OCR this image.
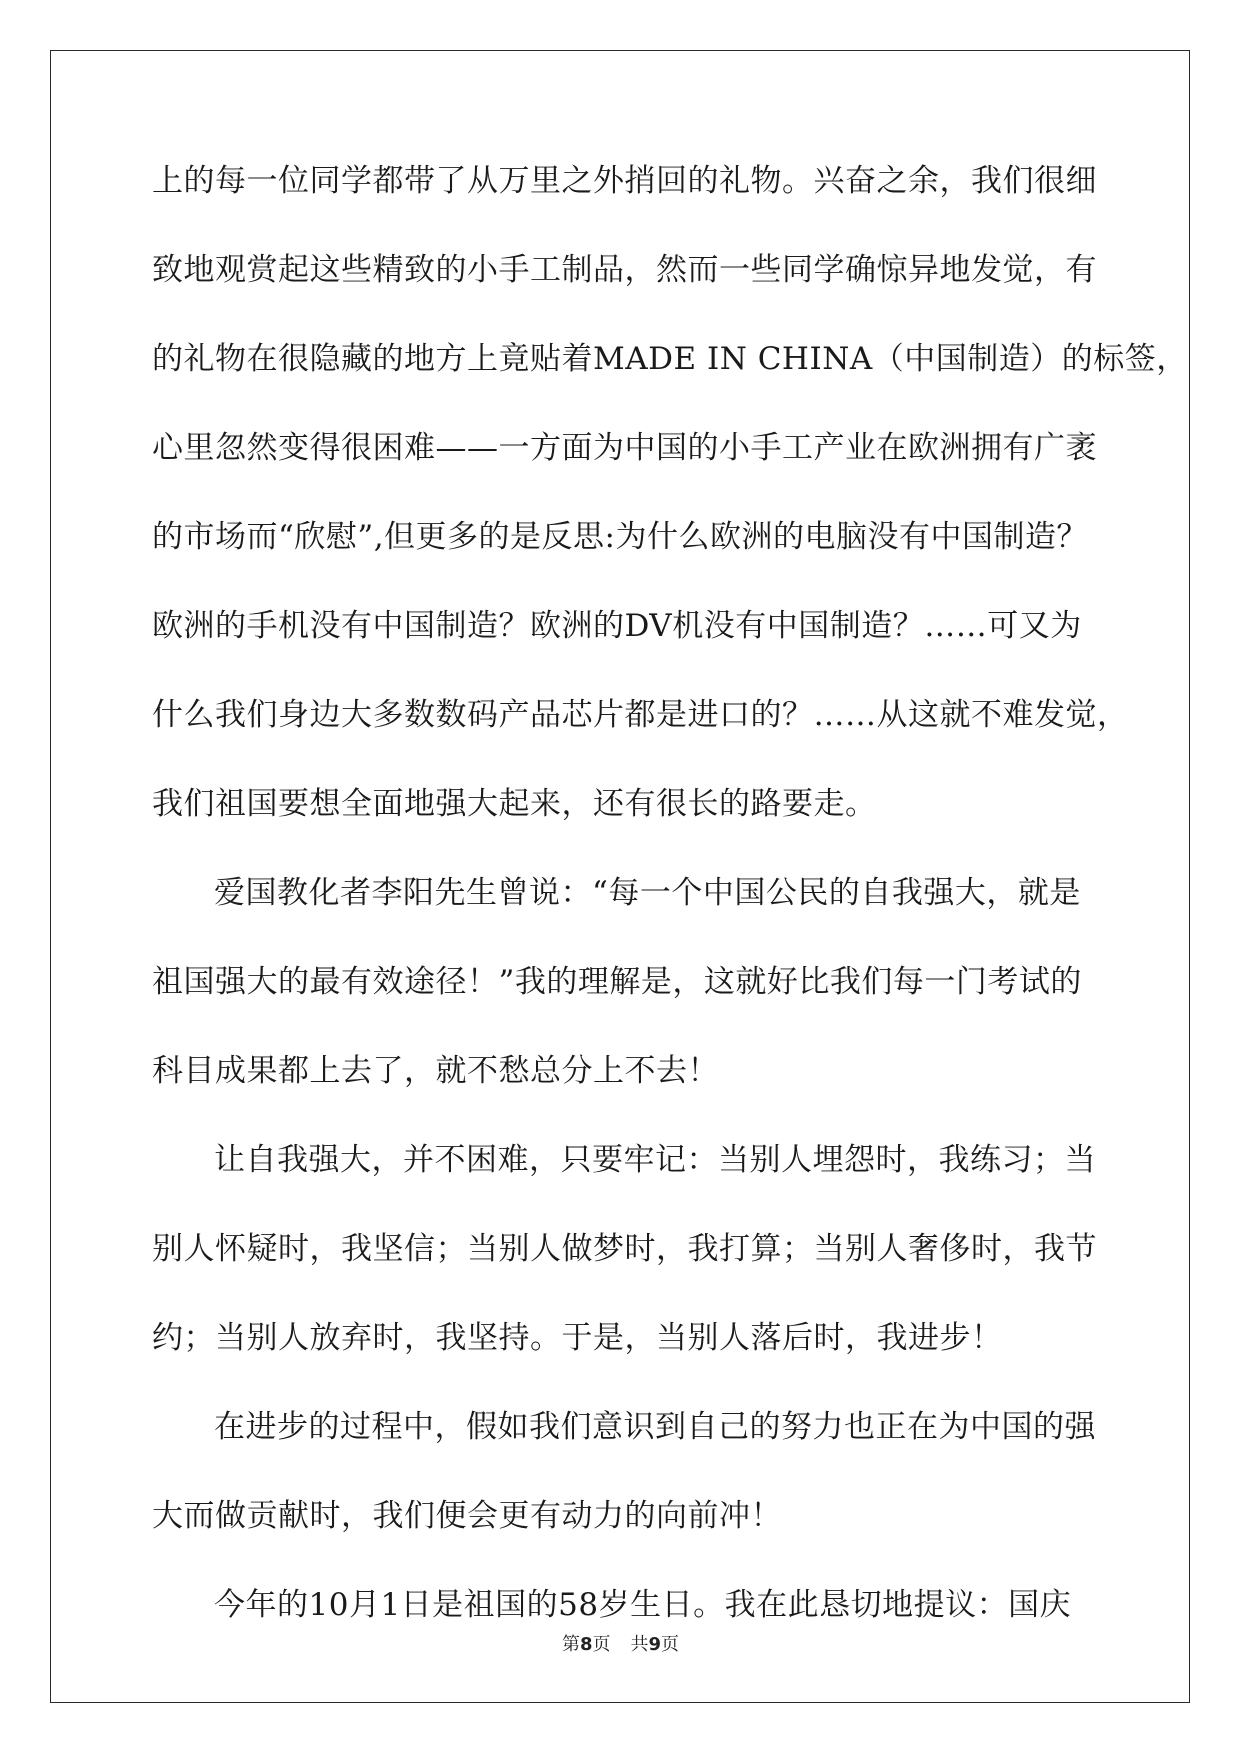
上的每一位同学都带了从万里之外捎回的礼物。兴奋之余，我们很细
致地观赏起这些精致的小手工制品，然而一些同学确惊异地发觉，有
的礼物在很隐藏的地方上竟贴着MADE IN CHINA（中国制造）的标签，
心里忽然变得很困难——一方面为中国的小手工产业在欧洲拥有广袤
的市场而“欣慰”,但更多的是反思:为什么欧洲的电脑没有中国制造？
欧洲的手机没有中国制造？欧洲的DV机没有中国制造？……可又为
什么我们身边大多数数码产品芯片都是进口的？……从这就不难发觉，
我们祖国要想全面地强大起来，还有很长的路要走。
爱国教化者李阳先生曾说：“每一个中国公民的自我强大，就是
祖国强大的最有效途径！”我的理解是，这就好比我们每一门考试的
科目成果都上去了，就不愁总分上不去！
让自我强大，并不困难，只要牢记：当别人埋怨时，我练习；当
别人怀疑时，我坚信；当别人做梦时，我打算；当别人奢侈时，我节
约；当别人放弃时，我坚持。于是，当别人落后时，我进步！
在进步的过程中，假如我们意识到自己的努力也正在为中国的强
大而做贡献时，我们便会更有动力的向前冲！
今年的10月1日是祖国的58岁生日。我在此恳切地提议：国庆
第8页 共9页
